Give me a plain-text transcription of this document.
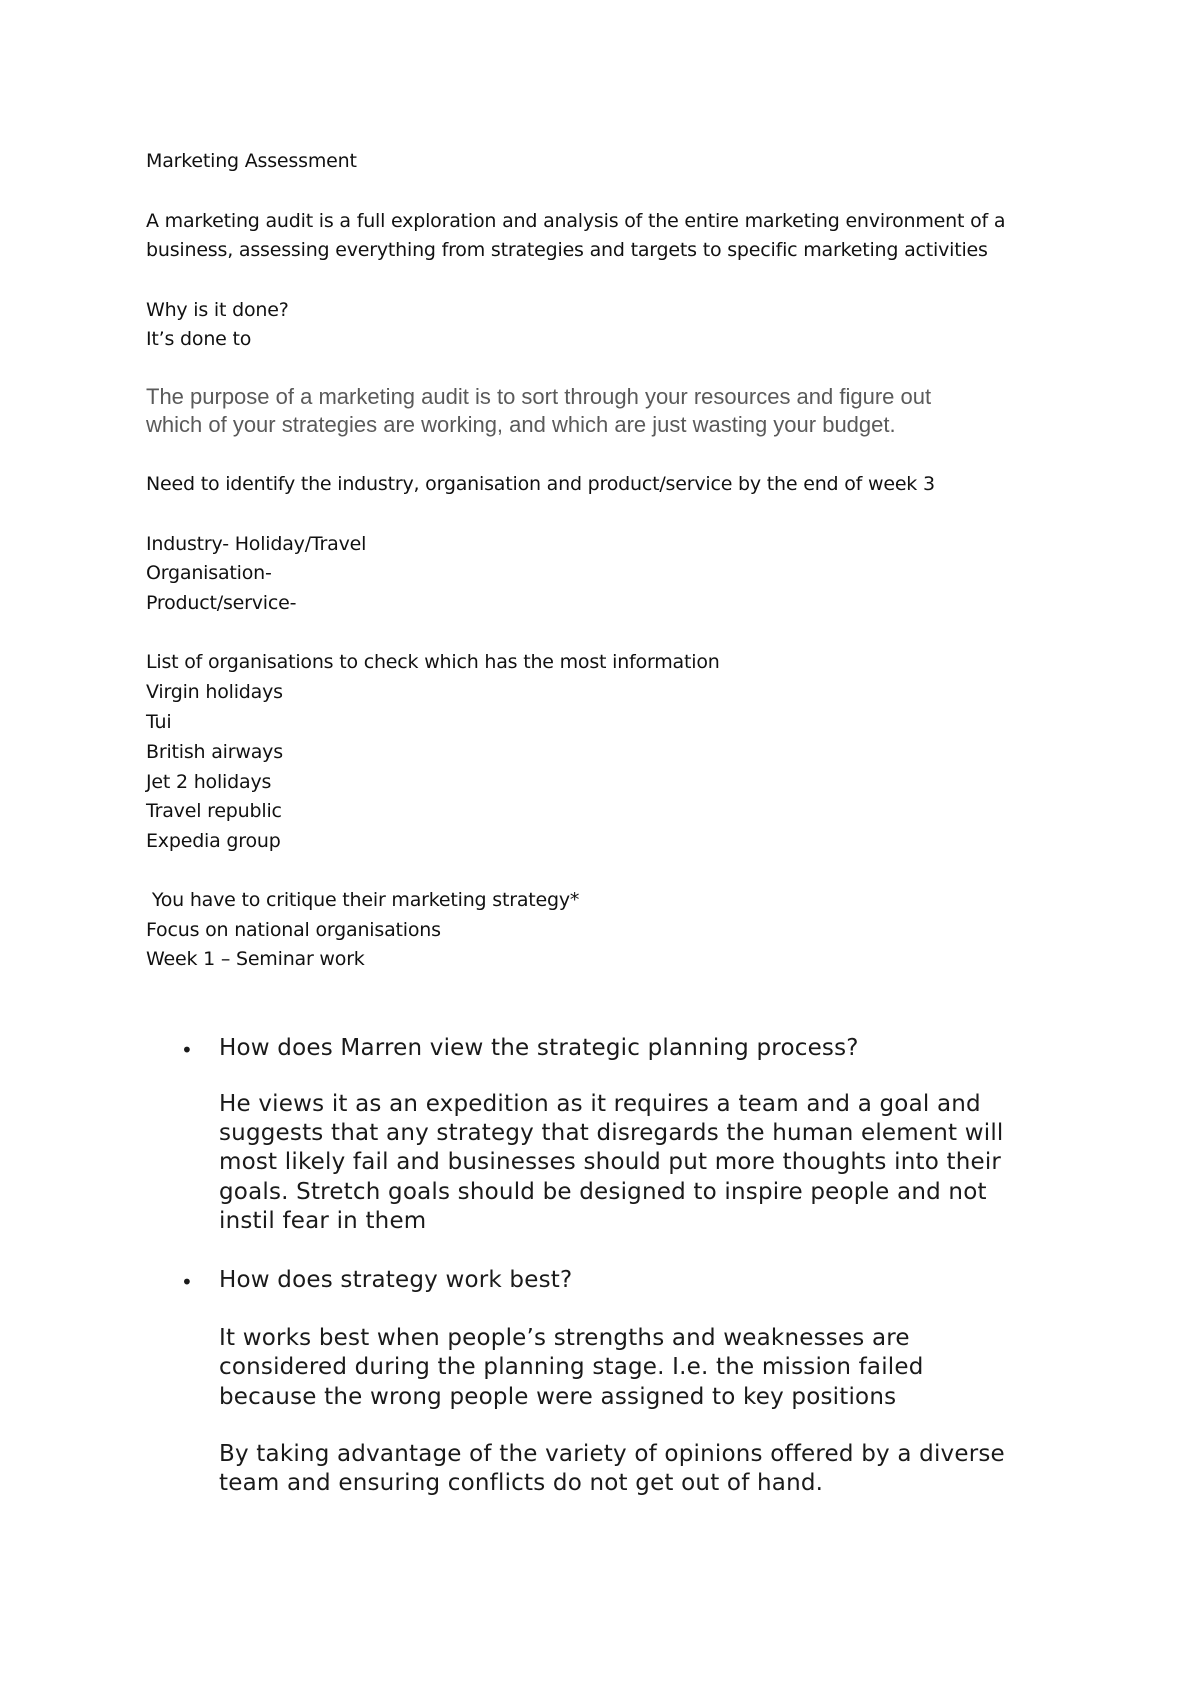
Marketing Assessment

A marketing audit is a full exploration and analysis of the entire marketing environment of a

business, assessing everything from strategies and targets to specific marketing activities

Why is it done?

It’s done to

The purpose of a marketing audit is to sort through your resources and figure out

which of your strategies are working, and which are just wasting your budget.

Need to identify the industry, organisation and product/service by the end of week 3

Industry- Holiday/Travel

Organisation-

Product/service-

List of organisations to check which has the most information

Virgin holidays

Tui

British airways

Jet 2 holidays

Travel republic

Expedia group

You have to critique their marketing strategy*

Focus on national organisations

Week 1 – Seminar work

• How does Marren view the strategic planning process?

He views it as an expedition as it requires a team and a goal and

suggests that any strategy that disregards the human element will

most likely fail and businesses should put more thoughts into their

goals. Stretch goals should be designed to inspire people and not

instil fear in them

• How does strategy work best?

It works best when people’s strengths and weaknesses are

considered during the planning stage. I.e. the mission failed

because the wrong people were assigned to key positions

By taking advantage of the variety of opinions offered by a diverse

team and ensuring conflicts do not get out of hand.
